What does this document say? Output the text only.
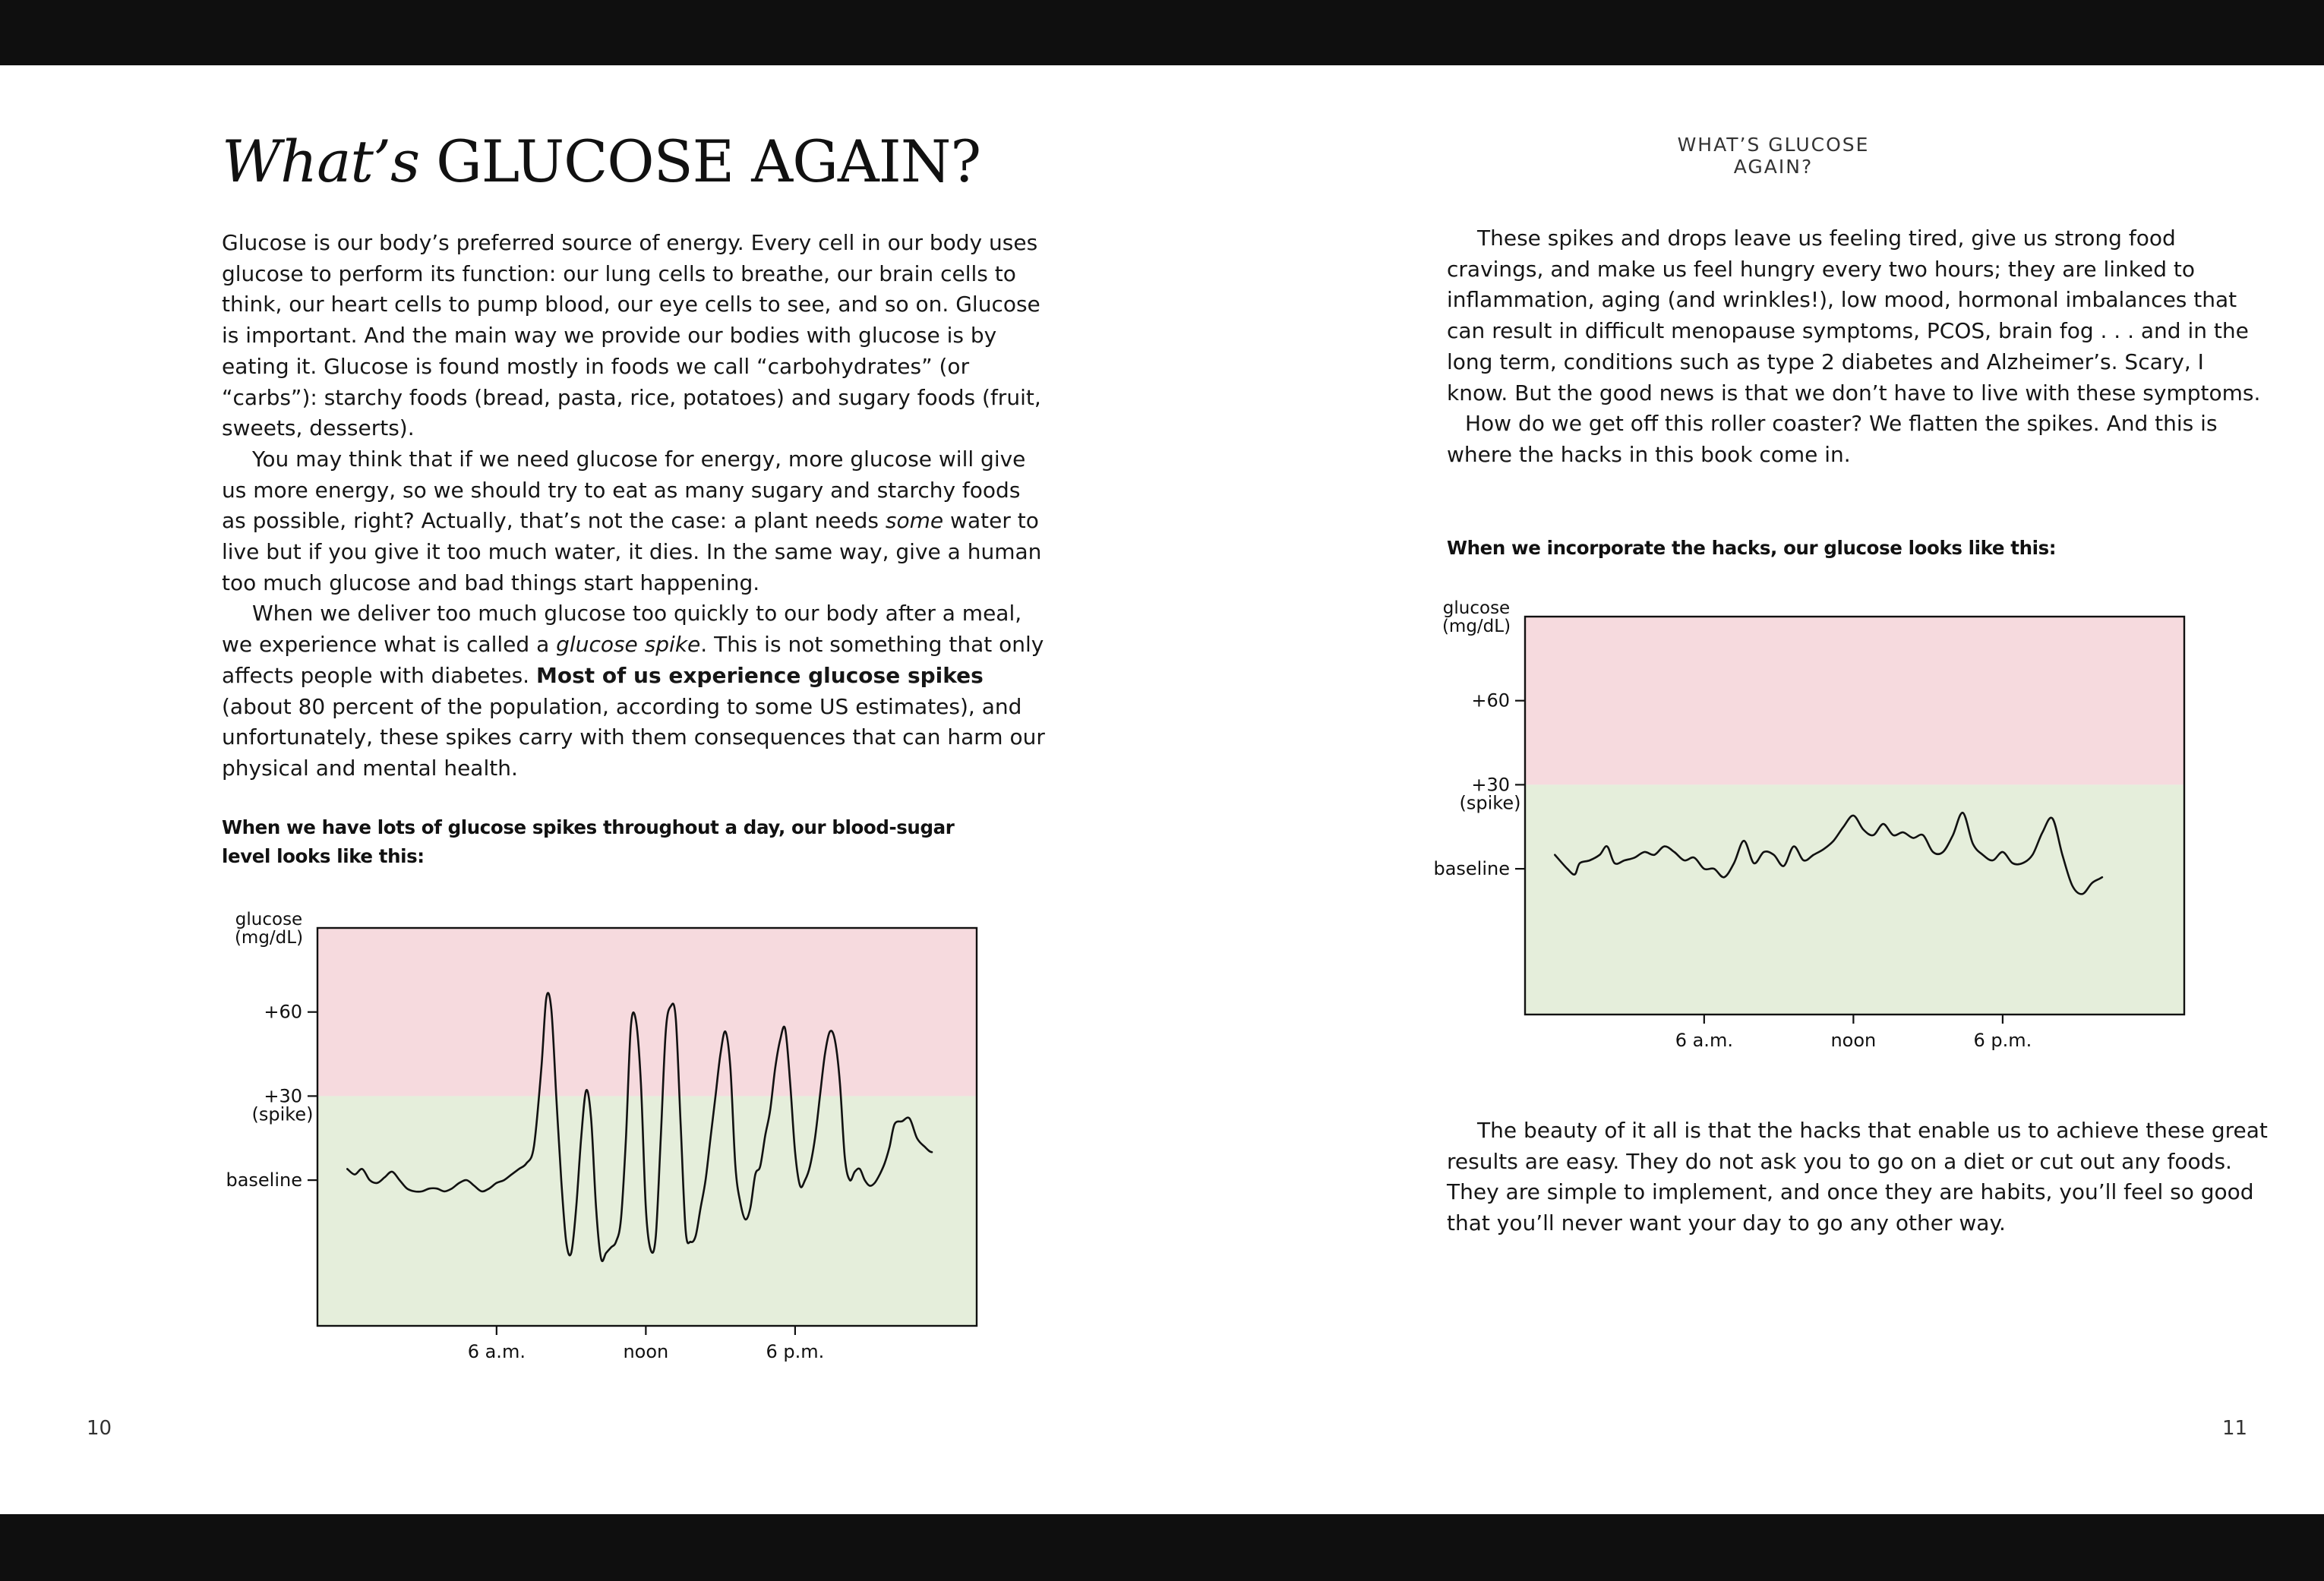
What’s GLUCOSE AGAIN?

Glucose is our body’s preferred source of energy. Every cell in our body uses glucose to perform its function: our lung cells to breathe, our brain cells to think, our heart cells to pump blood, our eye cells to see, and so on. Glucose is important. And the main way we provide our bodies with glucose is by eating it. Glucose is found mostly in foods we call “carbohydrates” (or “carbs”): starchy foods (bread, pasta, rice, potatoes) and sugary foods (fruit, sweets, desserts).

You may think that if we need glucose for energy, more glucose will give us more energy, so we should try to eat as many sugary and starchy foods as possible, right? Actually, that’s not the case: a plant needs some water to live but if you give it too much water, it dies. In the same way, give a human too much glucose and bad things start happening.

When we deliver too much glucose too quickly to our body after a meal, we experience what is called a glucose spike. This is not something that only affects people with diabetes. Most of us experience glucose spikes (about 80 percent of the population, according to some US estimates), and unfortunately, these spikes carry with them consequences that can harm our physical and mental health.

When we have lots of glucose spikes throughout a day, our blood-sugar level looks like this:
glucose (mg/dL)
+60
+30
(spike)
baseline
6 a.m.	noon	6 p.m.
10
WHAT’S GLUCOSE AGAIN?

These spikes and drops leave us feeling tired, give us strong food cravings, and make us feel hungry every two hours; they are linked to inflammation, aging (and wrinkles!), low mood, hormonal imbalances that can result in difficult menopause symptoms, PCOS, brain fog . . . and in the long term, conditions such as type 2 diabetes and Alzheimer’s. Scary, I know. But the good news is that we don’t have to live with these symptoms.

How do we get off this roller coaster? We flatten the spikes. And this is where the hacks in this book come in.

When we incorporate the hacks, our glucose looks like this:
glucose (mg/dL)
+60
+30
(spike)
baseline
6 a.m.	noon	6 p.m.

The beauty of it all is that the hacks that enable us to achieve these great results are easy. They do not ask you to go on a diet or cut out any foods. They are simple to implement, and once they are habits, you’ll feel so good that you’ll never want your day to go any other way.

11
